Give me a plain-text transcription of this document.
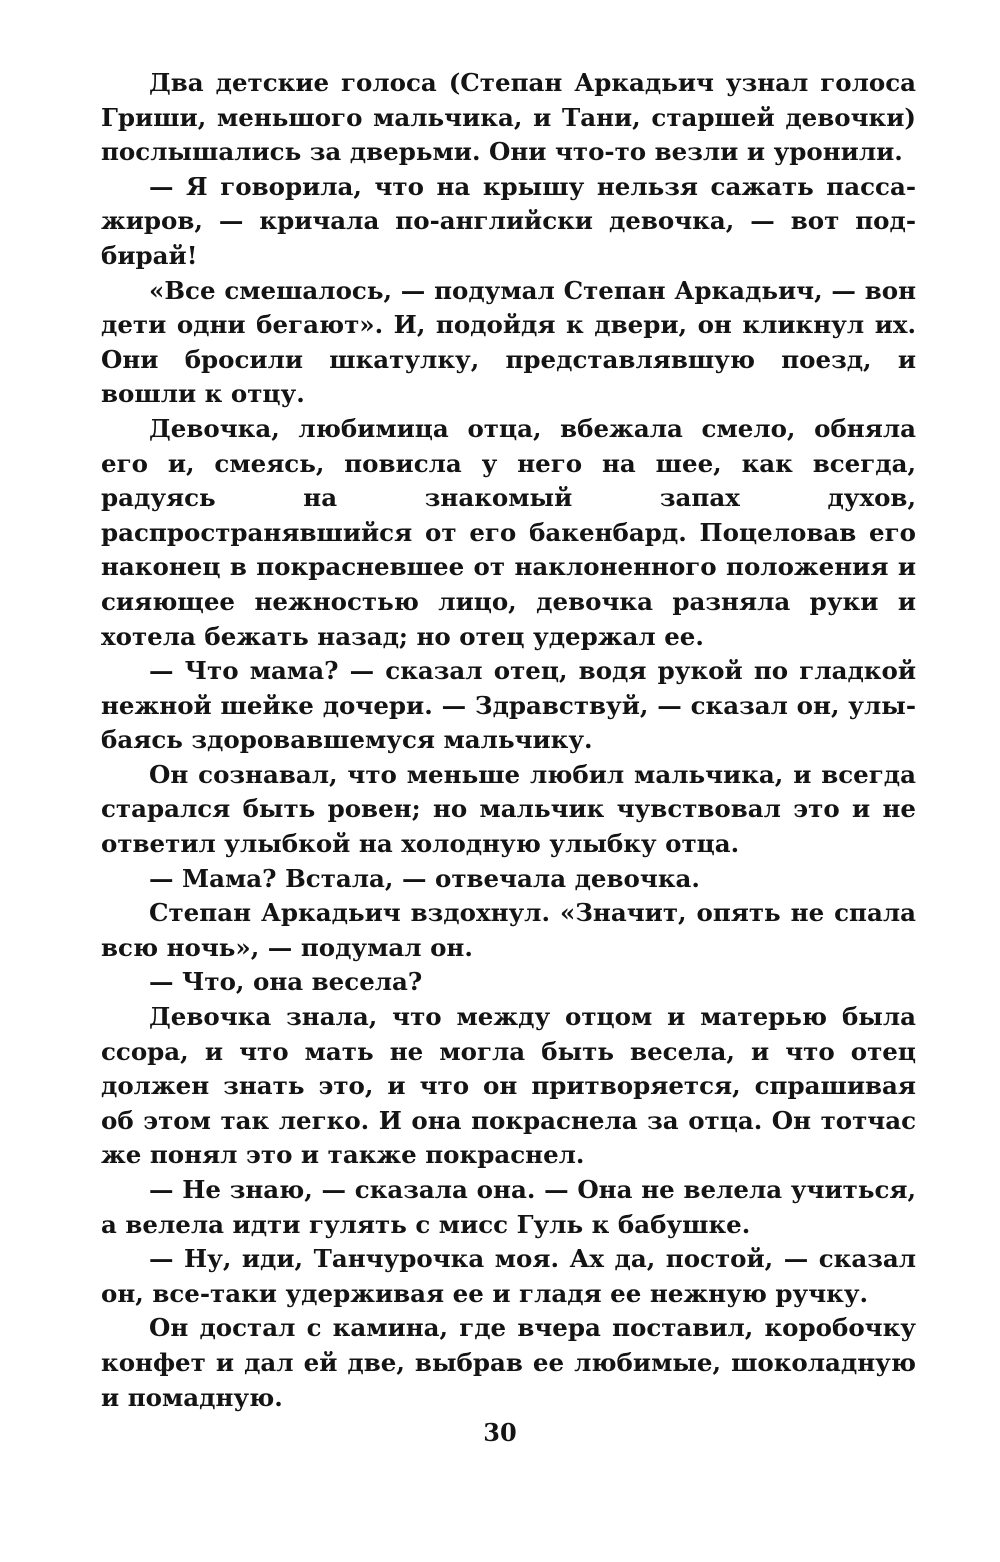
Два детские голоса (Степан Аркадьич узнал голоса Гриши, меньшого мальчика, и Тани, старшей девочки) послышались за дверьми. Они что-то везли и уронили.

— Я говорила, что на крышу нельзя сажать пассажиров, — кричала по-английски девочка, — вот подбирай!

«Все смешалось, — подумал Степан Аркадьич, — вон дети одни бегают». И, подойдя к двери, он кликнул их. Они бросили шкатулку, представлявшую поезд, и вошли к отцу.

Девочка, любимица отца, вбежала смело, обняла его и, смеясь, повисла у него на шее, как всегда, радуясь на знакомый запах духов, распространявшийся от его бакенбард. Поцеловав его наконец в покрасневшее от наклоненного положения и сияющее нежностью лицо, девочка разняла руки и хотела бежать назад; но отец удержал ее.

— Что мама? — сказал отец, водя рукой по гладкой нежной шейке дочери. — Здравствуй, — сказал он, улыбаясь здоровавшемуся мальчику.

Он сознавал, что меньше любил мальчика, и всегда старался быть ровен; но мальчик чувствовал это и не ответил улыбкой на холодную улыбку отца.

— Мама? Встала, — отвечала девочка.

Степан Аркадьич вздохнул. «Значит, опять не спала всю ночь», — подумал он.

— Что, она весела?

Девочка знала, что между отцом и матерью была ссора, и что мать не могла быть весела, и что отец должен знать это, и что он притворяется, спрашивая об этом так легко. И она покраснела за отца. Он тотчас же понял это и также покраснел.

— Не знаю, — сказала она. — Она не велела учиться, а велела идти гулять с мисс Гуль к бабушке.

— Ну, иди, Танчурочка моя. Ах да, постой, — сказал он, все-таки удерживая ее и гладя ее нежную ручку.

Он достал с камина, где вчера поставил, коробочку конфет и дал ей две, выбрав ее любимые, шоколадную и помадную.

30
